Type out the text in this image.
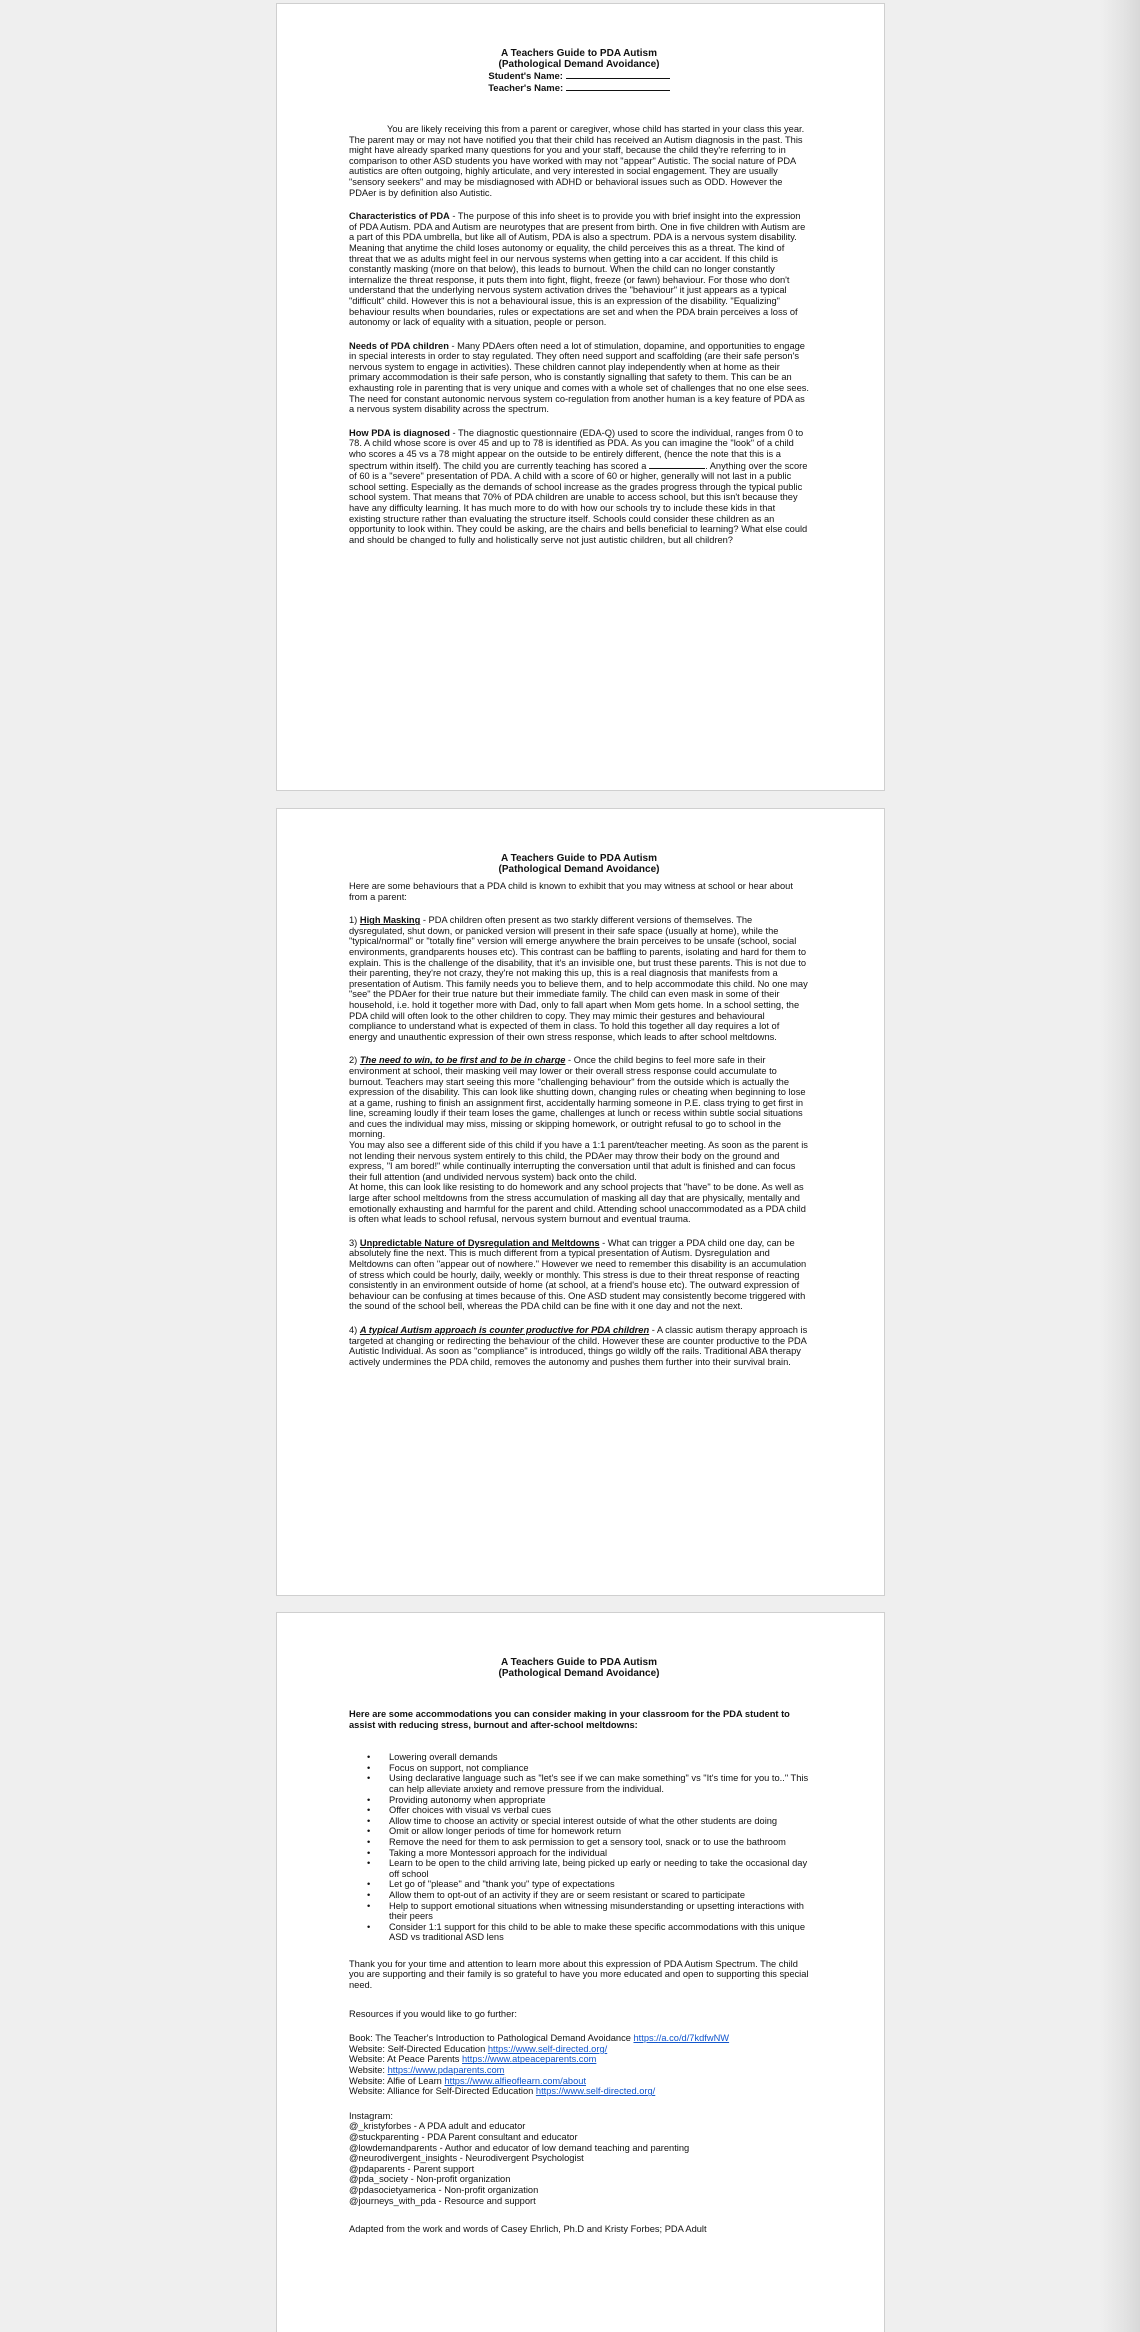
A Teachers Guide to PDA Autism

(Pathological Demand Avoidance)

Student's Name:

Teacher's Name:

You are likely receiving this from a parent or caregiver, whose child has started in your class this year. The parent may or may not have notified you that their child has received an Autism diagnosis in the past. This might have already sparked many questions for you and your staff, because the child they're referring to in comparison to other ASD students you have worked with may not "appear" Autistic. The social nature of PDA autistics are often outgoing, highly articulate, and very interested in social engagement. They are usually "sensory seekers" and may be misdiagnosed with ADHD or behavioral issues such as ODD. However the PDAer is by definition also Autistic.

Characteristics of PDA - The purpose of this info sheet is to provide you with brief insight into the expression of PDA Autism. PDA and Autism are neurotypes that are present from birth. One in five children with Autism are a part of this PDA umbrella, but like all of Autism, PDA is also a spectrum. PDA is a nervous system disability. Meaning that anytime the child loses autonomy or equality, the child perceives this as a threat. The kind of threat that we as adults might feel in our nervous systems when getting into a car accident. If this child is constantly masking (more on that below), this leads to burnout. When the child can no longer constantly internalize the threat response, it puts them into fight, flight, freeze (or fawn) behaviour. For those who don't understand that the underlying nervous system activation drives the "behaviour" it just appears as a typical "difficult" child. However this is not a behavioural issue, this is an expression of the disability. "Equalizing" behaviour results when boundaries, rules or expectations are set and when the PDA brain perceives a loss of autonomy or lack of equality with a situation, people or person.

Needs of PDA children - Many PDAers often need a lot of stimulation, dopamine, and opportunities to engage in special interests in order to stay regulated. They often need support and scaffolding (are their safe person's nervous system to engage in activities). These children cannot play independently when at home as their primary accommodation is their safe person, who is constantly signalling that safety to them. This can be an exhausting role in parenting that is very unique and comes with a whole set of challenges that no one else sees. The need for constant autonomic nervous system co-regulation from another human is a key feature of PDA as a nervous system disability across the spectrum.

How PDA is diagnosed - The diagnostic questionnaire (EDA-Q) used to score the individual, ranges from 0 to 78. A child whose score is over 45 and up to 78 is identified as PDA. As you can imagine the "look" of a child who scores a 45 vs a 78 might appear on the outside to be entirely different, (hence the note that this is a spectrum within itself). The child you are currently teaching has scored a	. Anything over the score of 60 is a "severe" presentation of PDA. A child with a score of 60 or higher, generally will not last in a public school setting. Especially as the demands of school increase as the grades progress through the typical public school system. That means that 70% of PDA children are unable to access school, but this isn't because they have any difficulty learning. It has much more to do with how our schools try to include these kids in that existing structure rather than evaluating the structure itself. Schools could consider these children as an opportunity to look within. They could be asking, are the chairs and bells beneficial to learning? What else could and should be changed to fully and holistically serve not just autistic children, but all children?

A Teachers Guide to PDA Autism

(Pathological Demand Avoidance)

Here are some behaviours that a PDA child is known to exhibit that you may witness at school or hear about from a parent:

1) High Masking - PDA children often present as two starkly different versions of themselves. The dysregulated, shut down, or panicked version will present in their safe space (usually at home), while the "typical/normal" or "totally fine" version will emerge anywhere the brain perceives to be unsafe (school, social environments, grandparents houses etc). This contrast can be baffling to parents, isolating and hard for them to explain. This is the challenge of the disability, that it's an invisible one, but trust these parents. This is not due to their parenting, they're not crazy, they're not making this up, this is a real diagnosis that manifests from a presentation of Autism. This family needs you to believe them, and to help accommodate this child. No one may "see" the PDAer for their true nature but their immediate family. The child can even mask in some of their household, i.e. hold it together more with Dad, only to fall apart when Mom gets home. In a school setting, the PDA child will often look to the other children to copy. They may mimic their gestures and behavioural compliance to understand what is expected of them in class. To hold this together all day requires a lot of energy and unauthentic expression of their own stress response, which leads to after school meltdowns.

2) The need to win, to be first and to be in charge - Once the child begins to feel more safe in their environment at school, their masking veil may lower or their overall stress response could accumulate to burnout. Teachers may start seeing this more "challenging behaviour" from the outside which is actually the expression of the disability. This can look like shutting down, changing rules or cheating when beginning to lose at a game, rushing to finish an assignment first, accidentally harming someone in P.E. class trying to get first in line, screaming loudly if their team loses the game, challenges at lunch or recess within subtle social situations and cues the individual may miss, missing or skipping homework, or outright refusal to go to school in the morning.

You may also see a different side of this child if you have a 1:1 parent/teacher meeting. As soon as the parent is not lending their nervous system entirely to this child, the PDAer may throw their body on the ground and express, "I am bored!" while continually interrupting the conversation until that adult is finished and can focus their full attention (and undivided nervous system) back onto the child.

At home, this can look like resisting to do homework and any school projects that "have" to be done. As well as large after school meltdowns from the stress accumulation of masking all day that are physically, mentally and emotionally exhausting and harmful for the parent and child. Attending school unaccommodated as a PDA child is often what leads to school refusal, nervous system burnout and eventual trauma.

3) Unpredictable Nature of Dysregulation and Meltdowns - What can trigger a PDA child one day, can be absolutely fine the next. This is much different from a typical presentation of Autism. Dysregulation and Meltdowns can often "appear out of nowhere." However we need to remember this disability is an accumulation of stress which could be hourly, daily, weekly or monthly. This stress is due to their threat response of reacting consistently in an environment outside of home (at school, at a friend's house etc). The outward expression of behaviour can be confusing at times because of this. One ASD student may consistently become triggered with the sound of the school bell, whereas the PDA child can be fine with it one day and not the next.

4) A typical Autism approach is counter productive for PDA children - A classic autism therapy approach is targeted at changing or redirecting the behaviour of the child. However these are counter productive to the PDA Autistic Individual. As soon as "compliance" is introduced, things go wildly off the rails. Traditional ABA therapy actively undermines the PDA child, removes the autonomy and pushes them further into their survival brain.

A Teachers Guide to PDA Autism

(Pathological Demand Avoidance)

Here are some accommodations you can consider making in your classroom for the PDA student to assist with reducing stress, burnout and after-school meltdowns:

• Lowering overall demands
• Focus on support, not compliance
• Using declarative language such as "let's see if we can make something" vs "It's time for you to.." This can help alleviate anxiety and remove pressure from the individual.
• Providing autonomy when appropriate
• Offer choices with visual vs verbal cues
• Allow time to choose an activity or special interest outside of what the other students are doing
• Omit or allow longer periods of time for homework return
• Remove the need for them to ask permission to get a sensory tool, snack or to use the bathroom
• Taking a more Montessori approach for the individual
• Learn to be open to the child arriving late, being picked up early or needing to take the occasional day off school
• Let go of "please" and "thank you" type of expectations
• Allow them to opt-out of an activity if they are or seem resistant or scared to participate
• Help to support emotional situations when witnessing misunderstanding or upsetting interactions with their peers
• Consider 1:1 support for this child to be able to make these specific accommodations with this unique ASD vs traditional ASD lens

Thank you for your time and attention to learn more about this expression of PDA Autism Spectrum. The child you are supporting and their family is so grateful to have you more educated and open to supporting this special need.

Resources if you would like to go further:

Book: The Teacher's Introduction to Pathological Demand Avoidance https://a.co/d/7kdfwNW

Website: Self-Directed Education https://www.self-directed.org/

Website: At Peace Parents https://www.atpeaceparents.com

Website: https://www.pdaparents.com

Website: Alfie of Learn https://www.alfieoflearn.com/about

Website: Alliance for Self-Directed Education https://www.self-directed.org/

Instagram:

@_kristyforbes - A PDA adult and educator

@stuckparenting - PDA Parent consultant and educator

@lowdemandparents - Author and educator of low demand teaching and parenting

@neurodivergent_insights - Neurodivergent Psychologist

@pdaparents - Parent support

@pda_society - Non-profit organization

@pdasocietyamerica - Non-profit organization

@journeys_with_pda - Resource and support

Adapted from the work and words of Casey Ehrlich, Ph.D and Kristy Forbes; PDA Adult
